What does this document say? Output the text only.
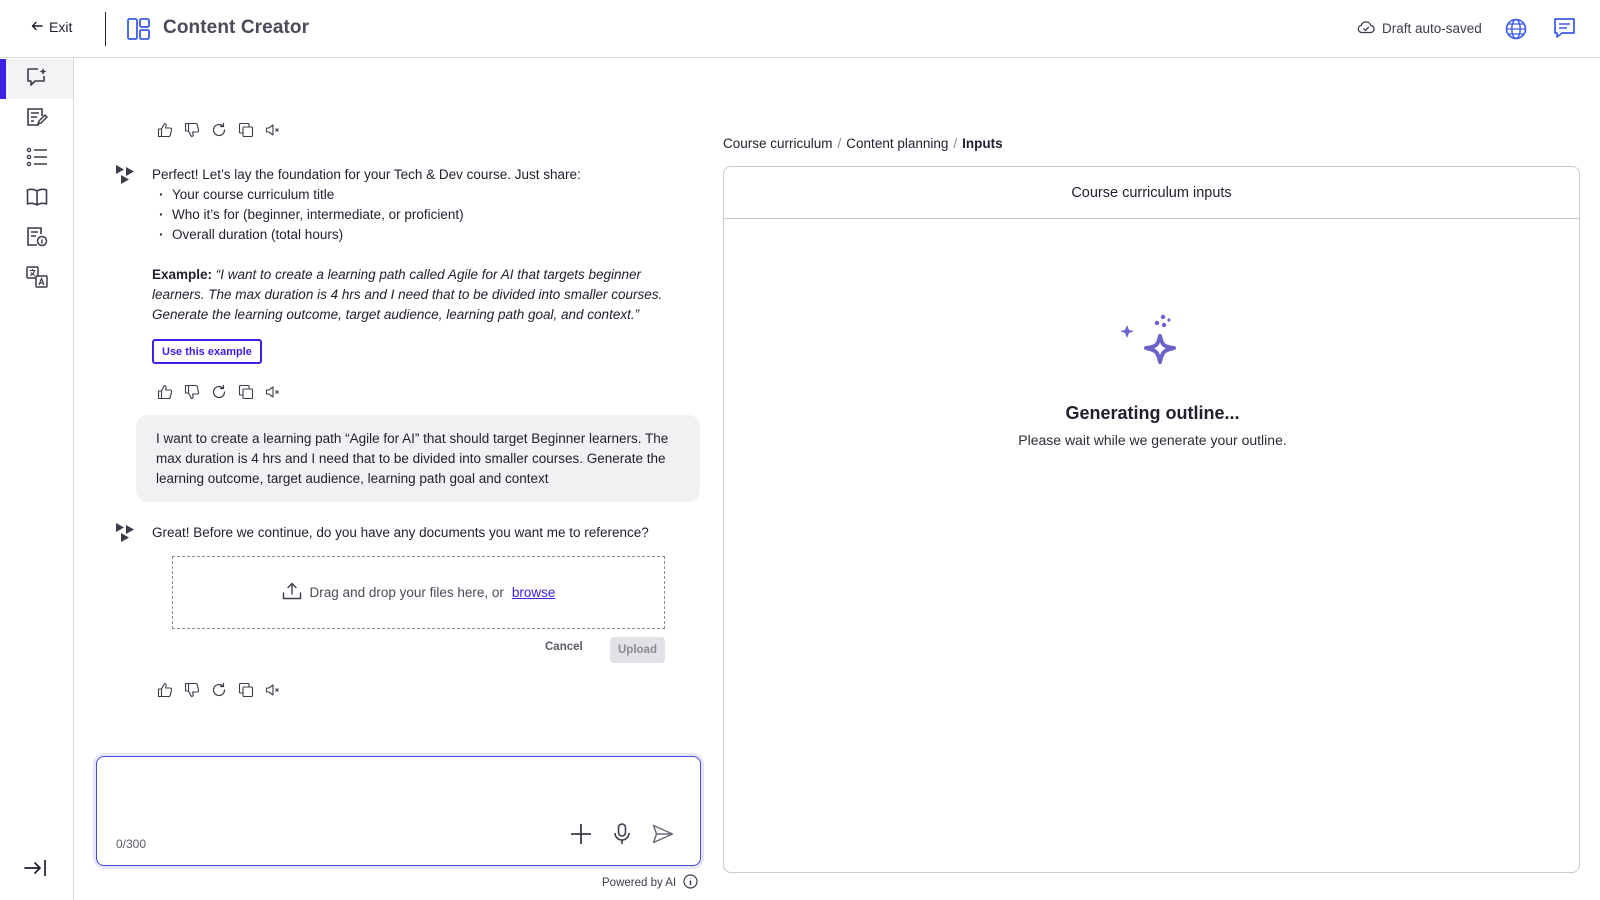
Exit	Content Creator	Draft auto-saved

Perfect! Let’s lay the foundation for your Tech & Dev course. Just share:

· Your course curriculum title
· Who it’s for (beginner, intermediate, or proficient)
· Overall duration (total hours)

Example: “I want to create a learning path called Agile for AI that targets beginner learners. The max duration is 4 hrs and I need that to be divided into smaller courses. Generate the learning outcome, target audience, learning path goal, and context.”

Use this example
I want to create a learning path “Agile for AI” that should target Beginner learners. The max duration is 4 hrs and I need that to be divided into smaller courses. Generate the learning outcome, target audience, learning path goal and context
Great! Before we continue, do you have any documents you want me to reference?
Drag and drop your files here, or browse
Cancel	Upload
0/300
Powered by AI
Course curriculum / Content planning / Inputs
Course curriculum inputs
Generating outline...
Please wait while we generate your outline.
